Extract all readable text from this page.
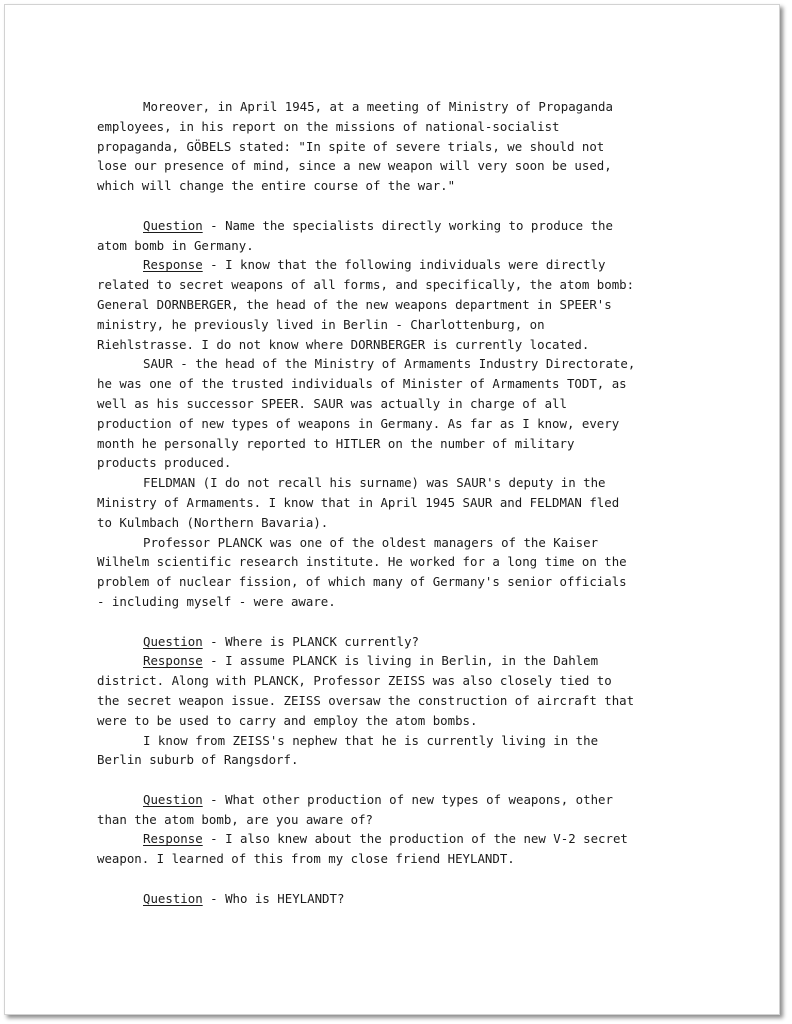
Moreover, in April 1945, at a meeting of Ministry of Propaganda
employees, in his report on the missions of national-socialist
propaganda, GÖBELS stated: "In spite of severe trials, we should not
lose our presence of mind, since a new weapon will very soon be used,
which will change the entire course of the war."
Question - Name the specialists directly working to produce the
atom bomb in Germany.
Response - I know that the following individuals were directly
related to secret weapons of all forms, and specifically, the atom bomb:
General DORNBERGER, the head of the new weapons department in SPEER's
ministry, he previously lived in Berlin - Charlottenburg, on
Riehlstrasse. I do not know where DORNBERGER is currently located.
SAUR - the head of the Ministry of Armaments Industry Directorate,
he was one of the trusted individuals of Minister of Armaments TODT, as
well as his successor SPEER. SAUR was actually in charge of all
production of new types of weapons in Germany. As far as I know, every
month he personally reported to HITLER on the number of military
products produced.
FELDMAN (I do not recall his surname) was SAUR's deputy in the
Ministry of Armaments. I know that in April 1945 SAUR and FELDMAN fled
to Kulmbach (Northern Bavaria).
Professor PLANCK was one of the oldest managers of the Kaiser
Wilhelm scientific research institute. He worked for a long time on the
problem of nuclear fission, of which many of Germany's senior officials
- including myself - were aware.
Question - Where is PLANCK currently?
Response - I assume PLANCK is living in Berlin, in the Dahlem
district. Along with PLANCK, Professor ZEISS was also closely tied to
the secret weapon issue. ZEISS oversaw the construction of aircraft that
were to be used to carry and employ the atom bombs.
I know from ZEISS's nephew that he is currently living in the
Berlin suburb of Rangsdorf.
Question - What other production of new types of weapons, other
than the atom bomb, are you aware of?
Response - I also knew about the production of the new V-2 secret
weapon. I learned of this from my close friend HEYLANDT.
Question - Who is HEYLANDT?
